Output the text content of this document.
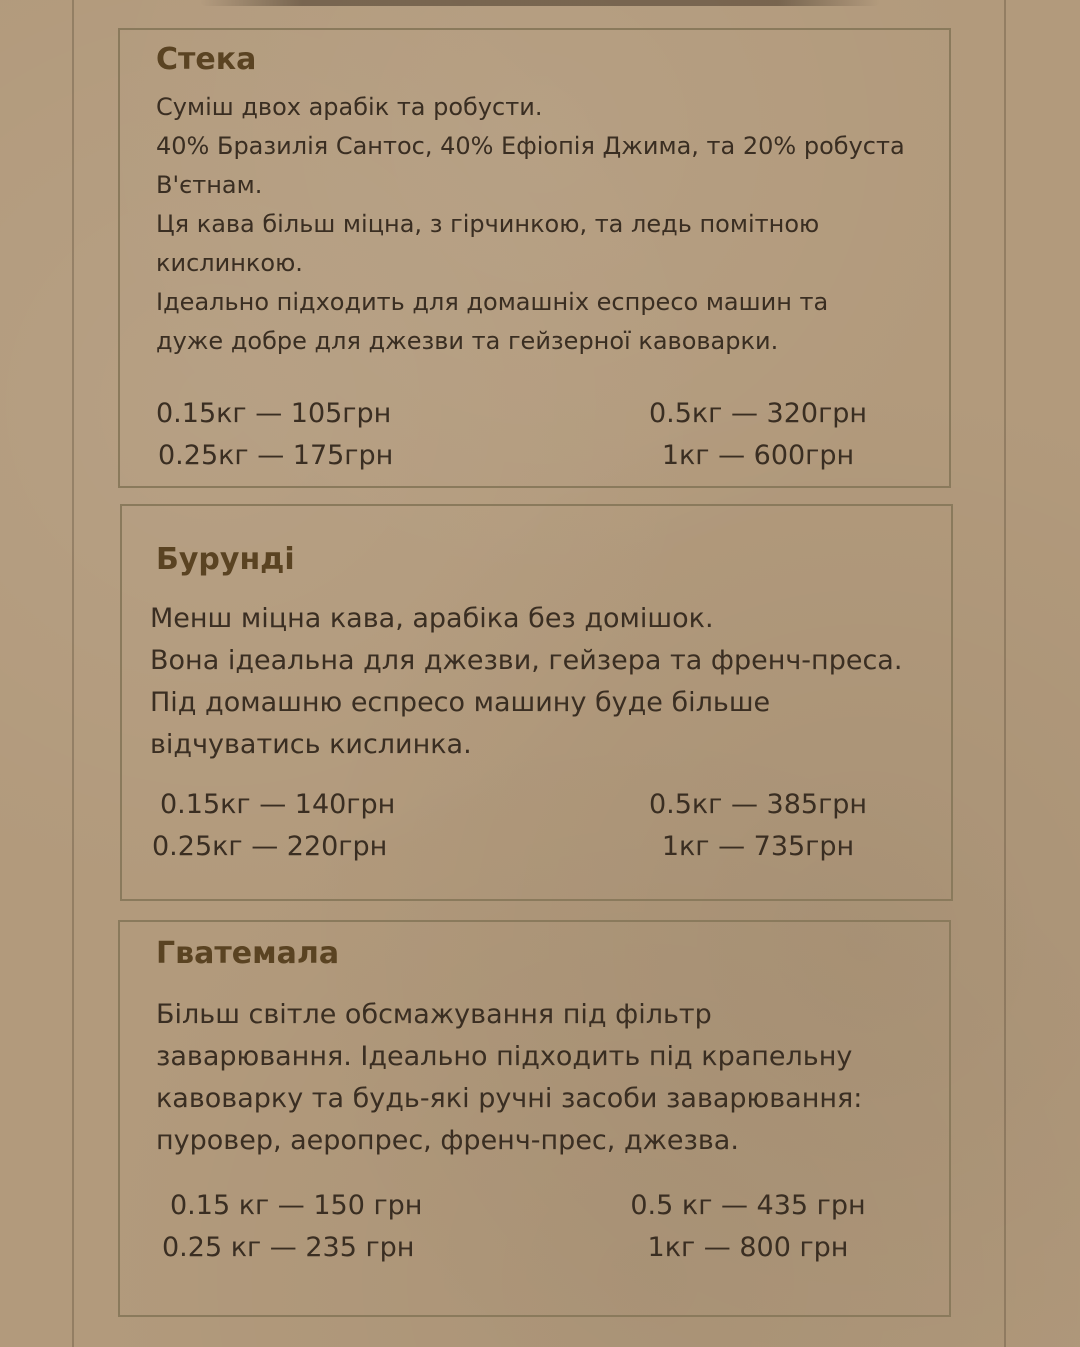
Стека

Суміш двох арабік та робусти.

40% Бразилія Сантос, 40% Ефіопія Джима, та 20% робуста

В'єтнам.

Ця кава більш міцна, з гірчинкою, та ледь помітною

кислинкою.

Ідеально підходить для домашніх еспресо машин та

дуже добре для джезви та гейзерної кавоварки.

0.15кг — 105грн
0.25кг — 175грн
0.5кг — 320грн
1кг — 600грн
Бурунді

Менш міцна кава, арабіка без домішок.

Вона ідеальна для джезви, гейзера та френч-преса.

Під домашню еспресо машину буде більше

відчуватись кислинка.

0.15кг — 140грн
0.25кг — 220грн
0.5кг — 385грн
1кг — 735грн
Гватемала

Більш світле обсмажування під фільтр

заварювання. Ідеально підходить під крапельну

кавоварку та будь-які ручні засоби заварювання:

пуровер, аеропрес, френч-прес, джезва.

0.15 кг — 150 грн
0.25 кг — 235 грн
0.5 кг — 435 грн
1кг — 800 грн
